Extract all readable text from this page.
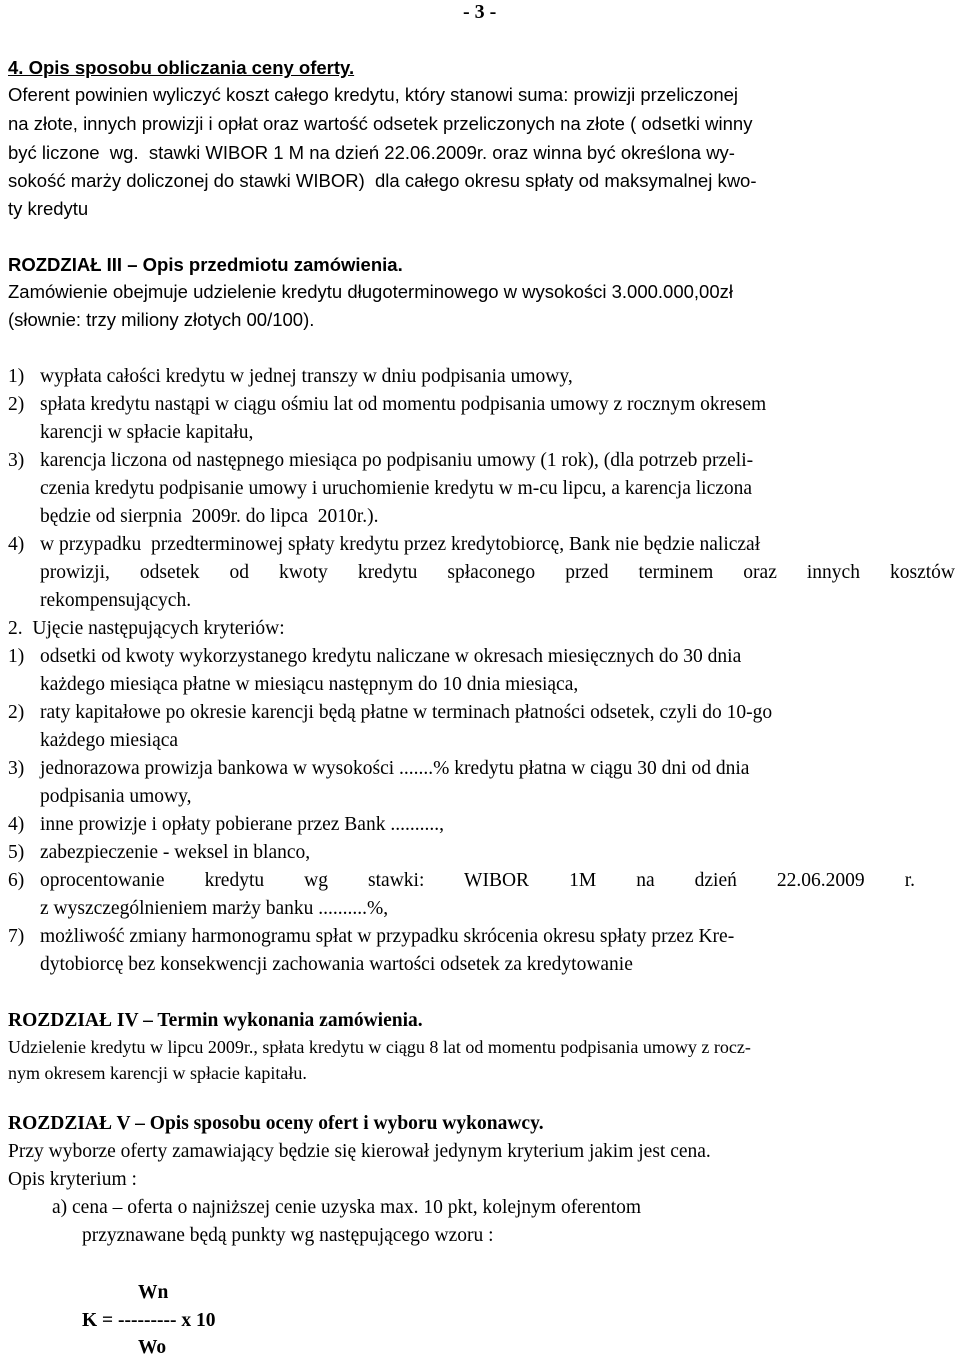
- 3 -
4. Opis sposobu obliczania ceny oferty.
Oferent powinien wyliczyć koszt całego kredytu, który stanowi suma: prowizji przeliczonej
na złote, innych prowizji i opłat oraz wartość odsetek przeliczonych na złote ( odsetki winny
być liczone  wg.  stawki WIBOR 1 M na dzień 22.06.2009r. oraz winna być określona wy-
sokość marży doliczonej do stawki WIBOR)  dla całego okresu spłaty od maksymalnej kwo-
ty kredytu
ROZDZIAŁ III – Opis przedmiotu zamówienia.
Zamówienie obejmuje udzielenie kredytu długoterminowego w wysokości 3.000.000,00zł
(słownie: trzy miliony złotych 00/100).
1) wypłata całości kredytu w jednej transzy w dniu podpisania umowy,
2) spłata kredytu nastąpi w ciągu ośmiu lat od momentu podpisania umowy z rocznym okresem
karencji w spłacie kapitału,
3) karencja liczona od następnego miesiąca po podpisaniu umowy (1 rok), (dla potrzeb przeli-
czenia kredytu podpisanie umowy i uruchomienie kredytu w m-cu lipcu, a karencja liczona
będzie od sierpnia  2009r. do lipca  2010r.).
4) w przypadku  przedterminowej spłaty kredytu przez kredytobiorcę, Bank nie będzie naliczał
prowizji, odsetek od kwoty kredytu spłaconego przed terminem oraz innych kosztów
rekompensujących.
2.  Ujęcie następujących kryteriów:
1) odsetki od kwoty wykorzystanego kredytu naliczane w okresach miesięcznych do 30 dnia
każdego miesiąca płatne w miesiącu następnym do 10 dnia miesiąca,
2) raty kapitałowe po okresie karencji będą płatne w terminach płatności odsetek, czyli do 10-go
każdego miesiąca
3) jednorazowa prowizja bankowa w wysokości .......% kredytu płatna w ciągu 30 dni od dnia
podpisania umowy,
4) inne prowizje i opłaty pobierane przez Bank ..........,
5) zabezpieczenie - weksel in blanco,
6) oprocentowanie kredytu wg stawki: WIBOR 1M na dzień 22.06.2009 r.
z wyszczególnieniem marży banku ..........%,
7) możliwość zmiany harmonogramu spłat w przypadku skrócenia okresu spłaty przez Kre-
dytobiorcę bez konsekwencji zachowania wartości odsetek za kredytowanie
ROZDZIAŁ IV – Termin wykonania zamówienia.
Udzielenie kredytu w lipcu 2009r., spłata kredytu w ciągu 8 lat od momentu podpisania umowy z rocz-
nym okresem karencji w spłacie kapitału.
ROZDZIAŁ V – Opis sposobu oceny ofert i wyboru wykonawcy.
Przy wyborze oferty zamawiający będzie się kierował jedynym kryterium jakim jest cena.
Opis kryterium :
a) cena – oferta o najniższej cenie uzyska max. 10 pkt, kolejnym oferentom
przyznawane będą punkty wg następującego wzoru :
Wn
K = --------- x 10
Wo
